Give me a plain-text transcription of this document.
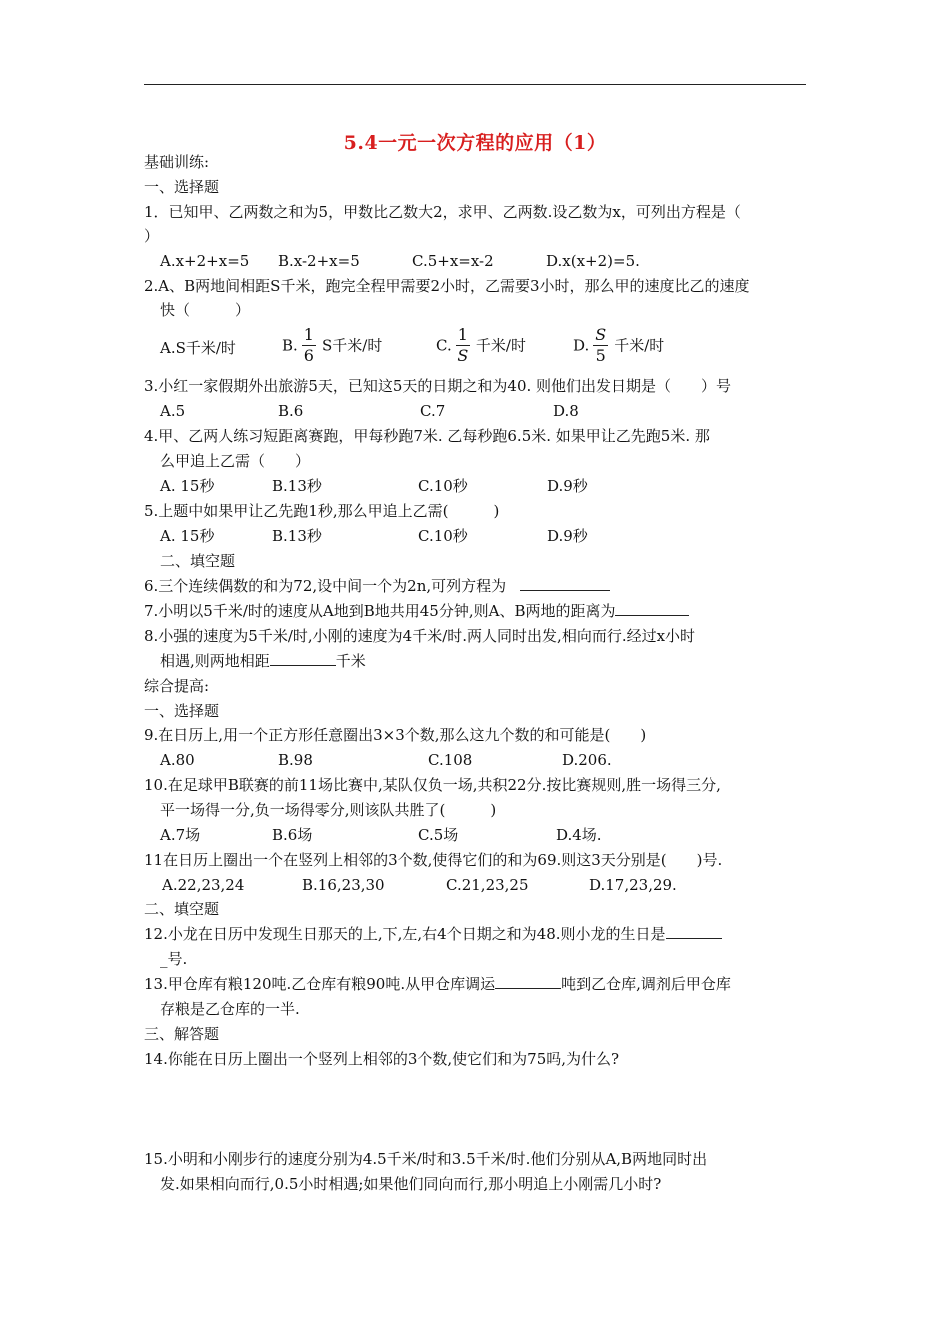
5.4一元一次方程的应用（1）
基础训练:
一、选择题
1．已知甲、乙两数之和为5，甲数比乙数大2，求甲、乙两数.设乙数为x，可列出方程是（
）
A.x+2+x=5 B.x-2+x=5	C.5+x=x-2	D.x(x+2)=5.
2.A、B两地间相距S千米，跑完全程甲需要2小时，乙需要3小时，那么甲的速度比乙的速度
快（　　　）
A.S千米/时	B. $\frac{1}{6}$ S千米/时	C. $\frac{1}{S}$ 千米/时	D. $\frac{S}{5}$ 千米/时
3.小红一家假期外出旅游5天，已知这5天的日期之和为40. 则他们出发日期是（　　）号
A.5	B.6	C.7	D.8
4.甲、乙两人练习短距离赛跑，甲每秒跑7米. 乙每秒跑6.5米. 如果甲让乙先跑5米. 那
么甲追上乙需（　　）
A. 15秒	B.13秒	C.10秒	D.9秒
5.上题中如果甲让乙先跑1秒,那么甲追上乙需(　　　)
A. 15秒	B.13秒	C.10秒	D.9秒
二、填空题
6.三个连续偶数的和为72,设中间一个为2n,可列方程为
7.小明以5千米/时的速度从A地到B地共用45分钟,则A、B两地的距离为
8.小强的速度为5千米/时,小刚的速度为4千米/时.两人同时出发,相向而行.经过x小时
相遇,则两地相距	千米
综合提高:
一、选择题
9.在日历上,用一个正方形任意圈出3×3个数,那么这九个数的和可能是(　　)
A.80	B.98	C.108	D.206.
10.在足球甲B联赛的前11场比赛中,某队仅负一场,共积22分.按比赛规则,胜一场得三分,
平一场得一分,负一场得零分,则该队共胜了(　　　)
A.7场	B.6场	C.5场	D.4场.
11在日历上圈出一个在竖列上相邻的3个数,使得它们的和为69.则这3天分别是(　　)号.
A.22,23,24	B.16,23,30	C.21,23,25	D.17,23,29.
二、填空题
12.小龙在日历中发现生日那天的上,下,左,右4个日期之和为48.则小龙的生日是
_号.
13.甲仓库有粮120吨.乙仓库有粮90吨.从甲仓库调运	吨到乙仓库,调剂后甲仓库
存粮是乙仓库的一半.
三、解答题
14.你能在日历上圈出一个竖列上相邻的3个数,使它们和为75吗,为什么?
15.小明和小刚步行的速度分别为4.5千米/时和3.5千米/时.他们分别从A,B两地同时出
发.如果相向而行,0.5小时相遇;如果他们同向而行,那小明追上小刚需几小时?
